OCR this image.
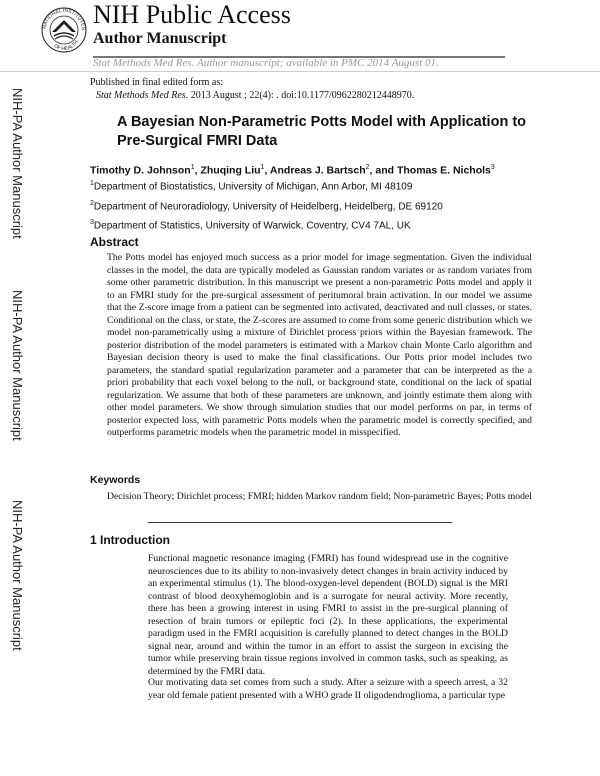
NATIONAL INSTITUTES
OF HEALTH
NIH Public Access
Author Manuscript
Stat Methods Med Res. Author manuscript; available in PMC 2014 August 01.
NIH-PA Author Manuscript
NIH-PA Author Manuscript
NIH-PA Author Manuscript
Published in final edited form as:
Stat Methods Med Res. 2013 August ; 22(4): . doi:10.1177/0962280212448970.
A Bayesian Non-Parametric Potts Model with Application to Pre-Surgical FMRI Data
Timothy D. Johnson$^1$, Zhuqing Liu$^1$, Andreas J. Bartsch$^2$, and Thomas E. Nichols$^3$
$^1$Department of Biostatistics, University of Michigan, Ann Arbor, MI 48109
$^2$Department of Neuroradiology, University of Heidelberg, Heidelberg, DE 69120
$^3$Department of Statistics, University of Warwick, Coventry, CV4 7AL, UK
Abstract
The Potts model has enjoyed much success as a prior model for image segmentation. Given the individual classes in the model, the data are typically modeled as Gaussian random variates or as random variates from some other parametric distribution. In this manuscript we present a non-parametric Potts model and apply it to an FMRI study for the pre-surgical assessment of peritumoral brain activation. In our model we assume that the Z-score image from a patient can be segmented into activated, deactivated and null classes, or states. Conditional on the class, or state, the Z-scores are assumed to come from some generic distribution which we model non-parametrically using a mixture of Dirichlet process priors within the Bayesian framework. The posterior distribution of the model parameters is estimated with a Markov chain Monte Carlo algorithm and Bayesian decision theory is used to make the final classifications. Our Potts prior model includes two parameters, the standard spatial regularization parameter and a parameter that can be interpreted as the a priori probability that each voxel belong to the null, or background state, conditional on the lack of spatial regularization. We assume that both of these parameters are unknown, and jointly estimate them along with other model parameters. We show through simulation studies that our model performs on par, in terms of posterior expected loss, with parametric Potts models when the parametric model is correctly specified, and outperforms parametric models when the parametric model in misspecified.
Keywords
Decision Theory; Dirichlet process; FMRI; hidden Markov random field; Non-parametric Bayes; Potts model
1 Introduction
Functional magnetic resonance imaging (FMRI) has found widespread use in the cognitive neurosciences due to its ability to non-invasively detect changes in brain activity induced by an experimental stimulus (1). The blood-oxygen-level dependent (BOLD) signal is the MRI contrast of blood deoxyhemoglobin and is a surrogate for neural activity. More recently, there has been a growing interest in using FMRI to assist in the pre-surgical planning of resection of brain tumors or epileptic foci (2). In these applications, the experimental paradigm used in the FMRI acquisition is carefully planned to detect changes in the BOLD signal near, around and within the tumor in an effort to assist the surgeon in excising the tumor while preserving brain tissue regions involved in common tasks, such as speaking, as determined by the FMRI data.
Our motivating data set comes from such a study. After a seizure with a speech arrest, a 32 year old female patient presented with a WHO grade II oligodendroglioma, a particular type
